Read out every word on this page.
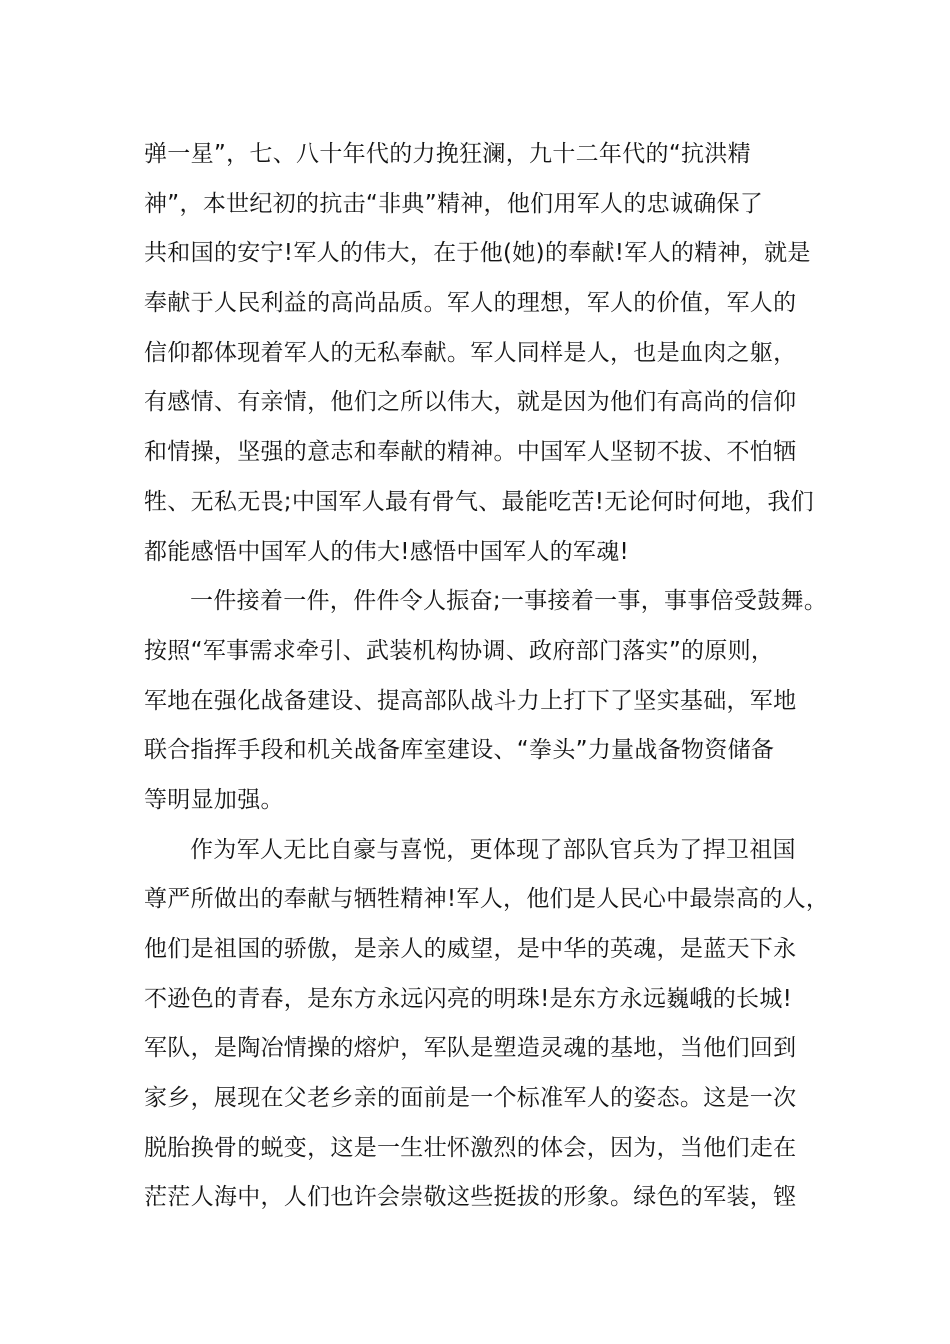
弹一星”，七、八十年代的力挽狂澜，九十二年代的“抗洪精
神”，本世纪初的抗击“非典”精神，他们用军人的忠诚确保了
共和国的安宁!军人的伟大，在于他(她)的奉献!军人的精神，就是
奉献于人民利益的高尚品质。军人的理想，军人的价值，军人的
信仰都体现着军人的无私奉献。军人同样是人，也是血肉之躯，
有感情、有亲情，他们之所以伟大，就是因为他们有高尚的信仰
和情操，坚强的意志和奉献的精神。中国军人坚韧不拔、不怕牺
牲、无私无畏;中国军人最有骨气、最能吃苦!无论何时何地，我们
都能感悟中国军人的伟大!感悟中国军人的军魂!
一件接着一件，件件令人振奋;一事接着一事，事事倍受鼓舞。
按照“军事需求牵引、武装机构协调、政府部门落实”的原则，
军地在强化战备建设、提高部队战斗力上打下了坚实基础，军地
联合指挥手段和机关战备库室建设、“拳头”力量战备物资储备
等明显加强。
作为军人无比自豪与喜悦，更体现了部队官兵为了捍卫祖国
尊严所做出的奉献与牺牲精神!军人，他们是人民心中最崇高的人，
他们是祖国的骄傲，是亲人的威望，是中华的英魂，是蓝天下永
不逊色的青春，是东方永远闪亮的明珠!是东方永远巍峨的长城!
军队，是陶冶情操的熔炉，军队是塑造灵魂的基地，当他们回到
家乡，展现在父老乡亲的面前是一个标准军人的姿态。这是一次
脱胎换骨的蜕变，这是一生壮怀激烈的体会，因为，当他们走在
茫茫人海中，人们也许会崇敬这些挺拔的形象。绿色的军装，铿
